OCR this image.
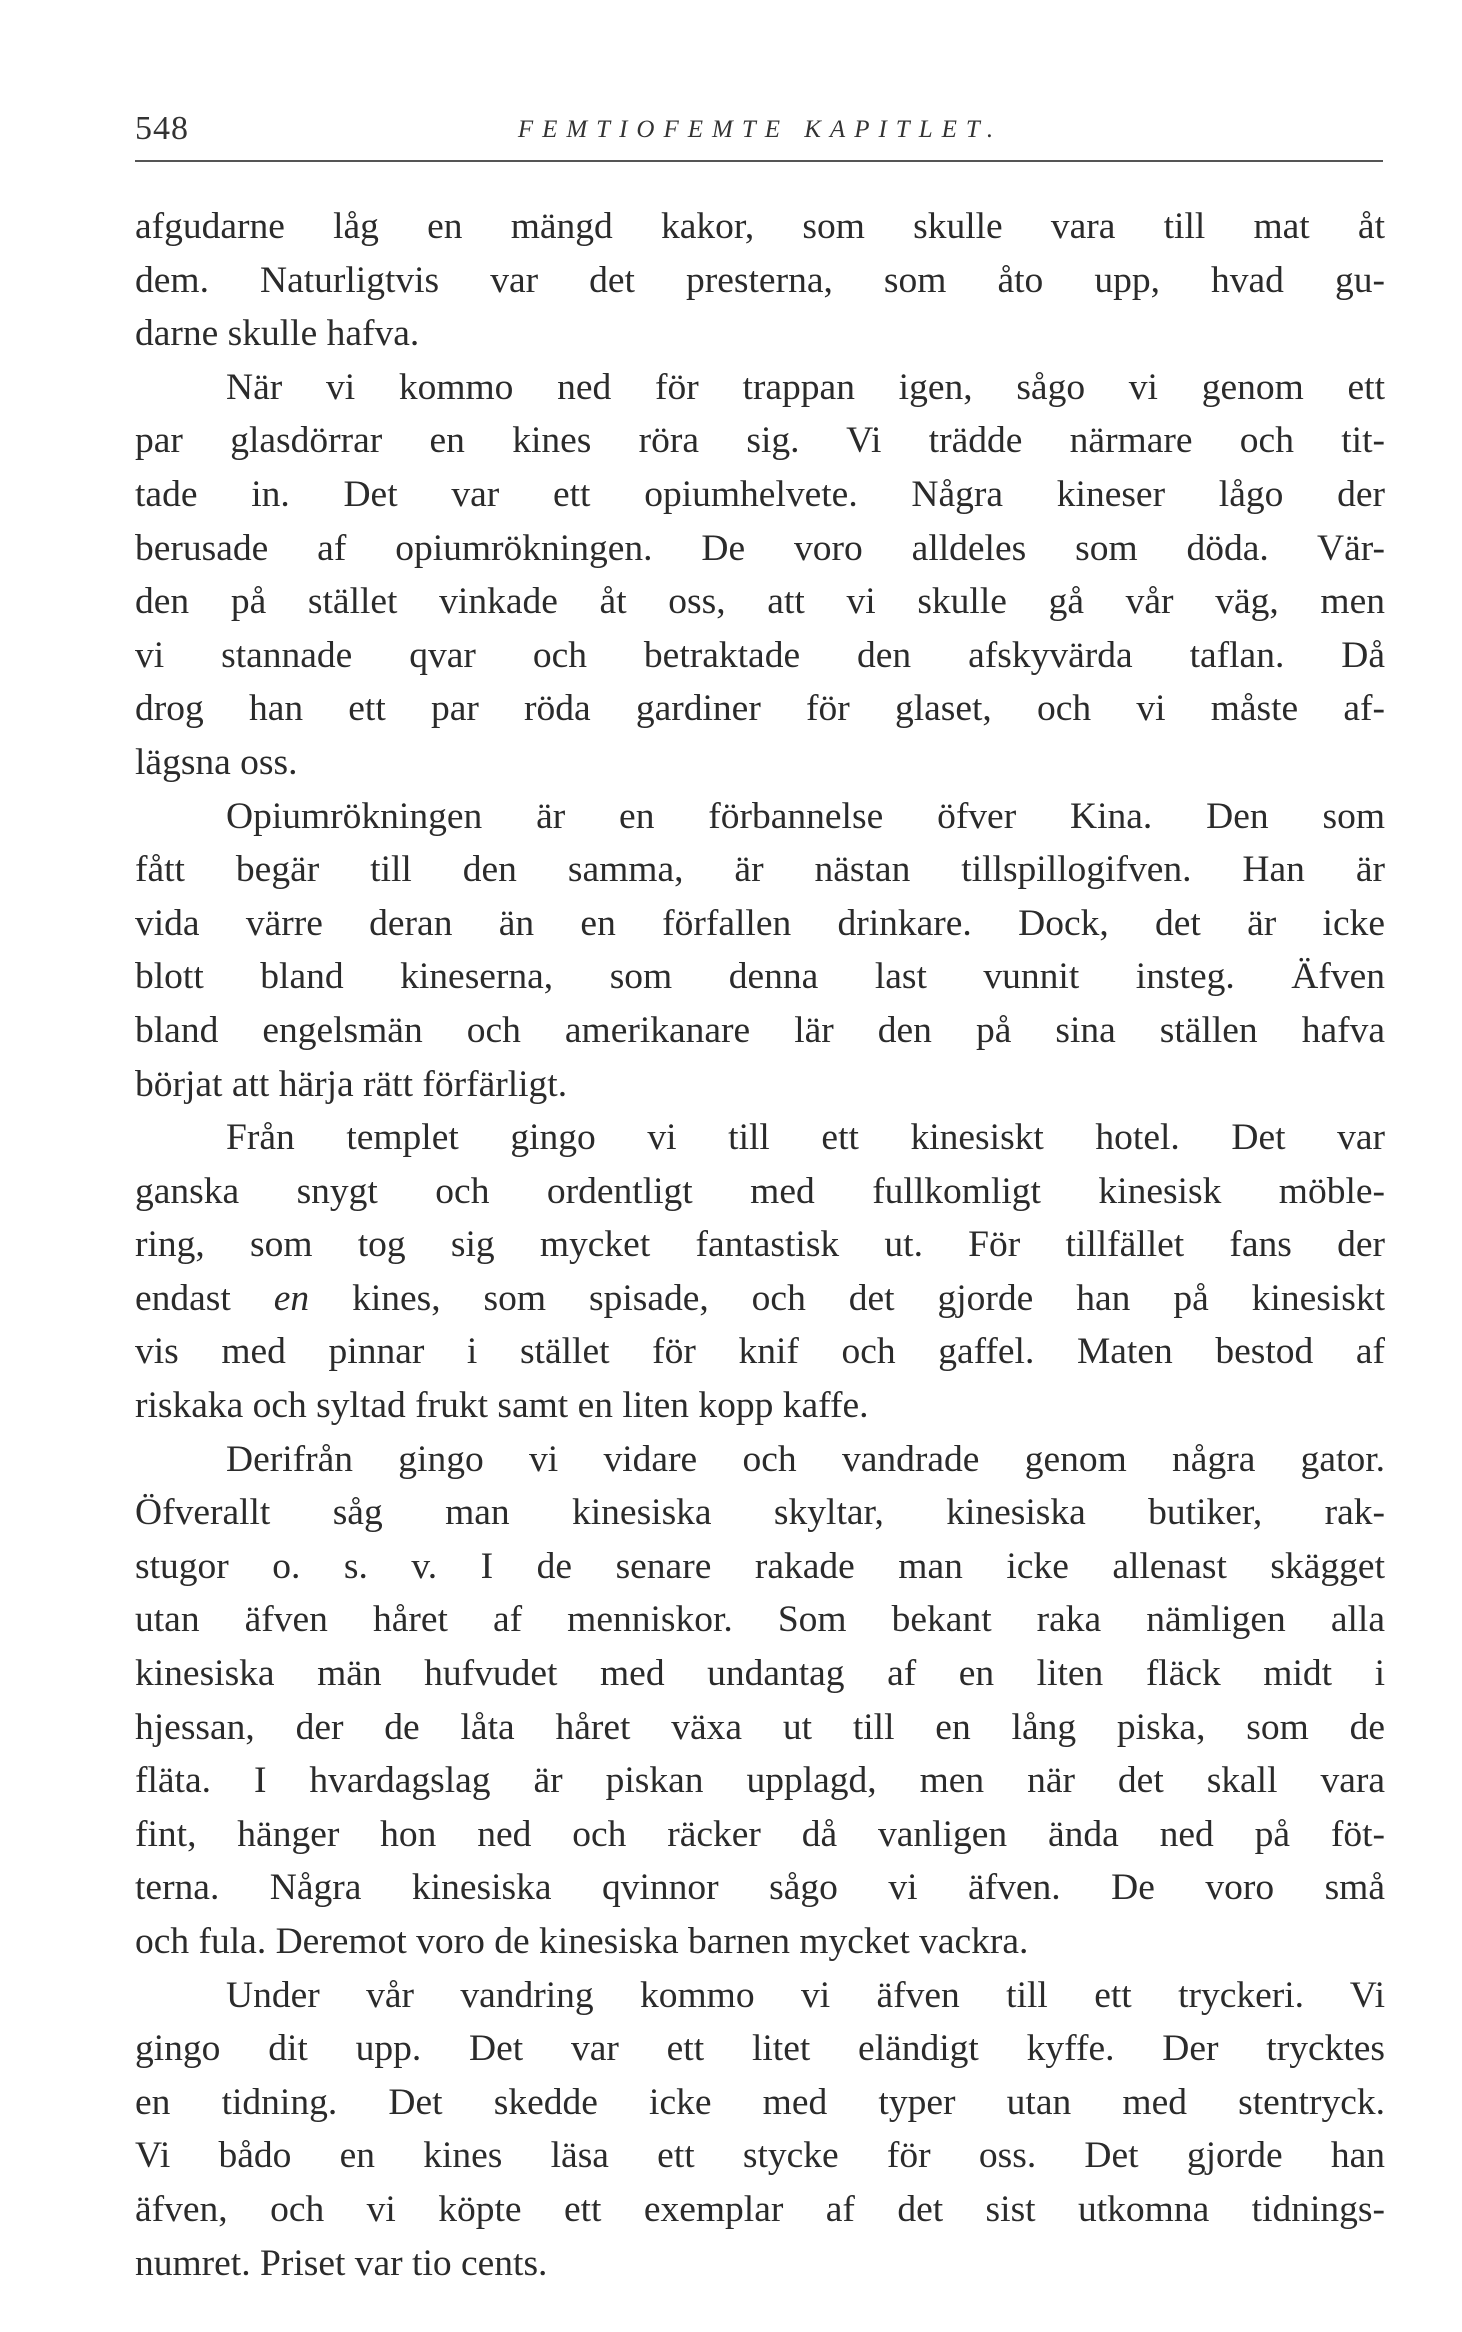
548	FEMTIOFEMTE KAPITLET.
afgudarne låg en mängd kakor, som skulle vara till mat åt
dem. Naturligtvis var det presterna, som åto upp, hvad gu-
darne skulle hafva.
När vi kommo ned för trappan igen, sågo vi genom ett
par glasdörrar en kines röra sig. Vi trädde närmare och tit-
tade in. Det var ett opiumhelvete. Några kineser lågo der
berusade af opiumrökningen. De voro alldeles som döda. Vär-
den på stället vinkade åt oss, att vi skulle gå vår väg, men
vi stannade qvar och betraktade den afskyvärda taflan. Då
drog han ett par röda gardiner för glaset, och vi måste af-
lägsna oss.
Opiumrökningen är en förbannelse öfver Kina. Den som
fått begär till den samma, är nästan tillspillogifven. Han är
vida värre deran än en förfallen drinkare. Dock, det är icke
blott bland kineserna, som denna last vunnit insteg. Äfven
bland engelsmän och amerikanare lär den på sina ställen hafva
börjat att härja rätt förfärligt.
Från templet gingo vi till ett kinesiskt hotel. Det var
ganska snygt och ordentligt med fullkomligt kinesisk möble-
ring, som tog sig mycket fantastisk ut. För tillfället fans der
endast en kines, som spisade, och det gjorde han på kinesiskt
vis med pinnar i stället för knif och gaffel. Maten bestod af
riskaka och syltad frukt samt en liten kopp kaffe.
Derifrån gingo vi vidare och vandrade genom några gator.
Öfverallt såg man kinesiska skyltar, kinesiska butiker, rak-
stugor o. s. v. I de senare rakade man icke allenast skägget
utan äfven håret af menniskor. Som bekant raka nämligen alla
kinesiska män hufvudet med undantag af en liten fläck midt i
hjessan, der de låta håret växa ut till en lång piska, som de
fläta. I hvardagslag är piskan upplagd, men när det skall vara
fint, hänger hon ned och räcker då vanligen ända ned på föt-
terna. Några kinesiska qvinnor sågo vi äfven. De voro små
och fula. Deremot voro de kinesiska barnen mycket vackra.
Under vår vandring kommo vi äfven till ett tryckeri. Vi
gingo dit upp. Det var ett litet eländigt kyffe. Der trycktes
en tidning. Det skedde icke med typer utan med stentryck.
Vi bådo en kines läsa ett stycke för oss. Det gjorde han
äfven, och vi köpte ett exemplar af det sist utkomna tidnings-
numret. Priset var tio cents.
